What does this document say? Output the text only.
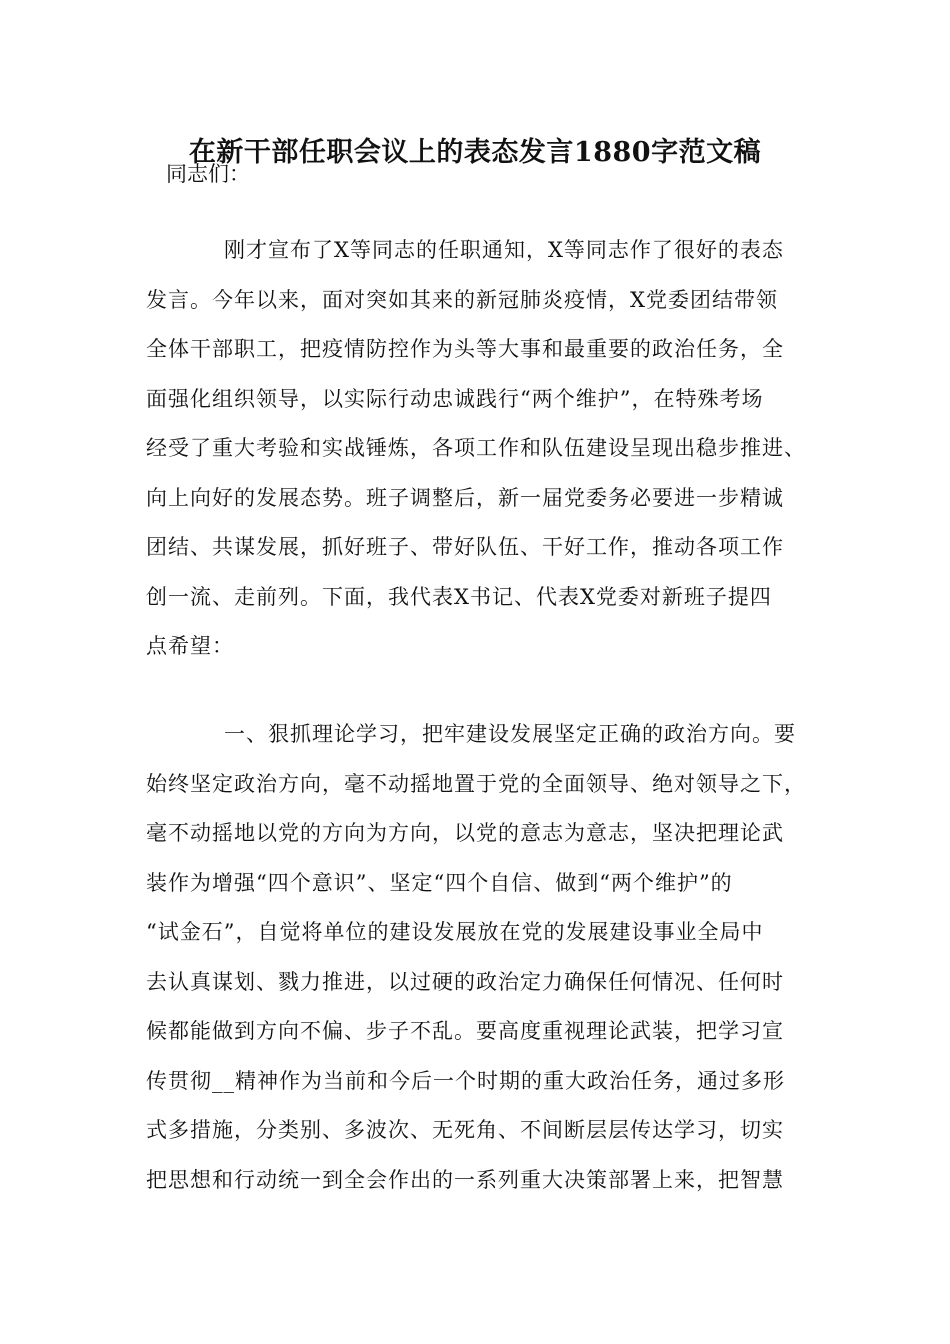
在新干部任职会议上的表态发言1880字范文稿
同志们：
刚才宣布了X等同志的任职通知，X等同志作了很好的表态
发言。今年以来，面对突如其来的新冠肺炎疫情，X党委团结带领
全体干部职工，把疫情防控作为头等大事和最重要的政治任务，全
面强化组织领导，以实际行动忠诚践行“两个维护”，在特殊考场
经受了重大考验和实战锤炼，各项工作和队伍建设呈现出稳步推进、
向上向好的发展态势。班子调整后，新一届党委务必要进一步精诚
团结、共谋发展，抓好班子、带好队伍、干好工作，推动各项工作
创一流、走前列。下面，我代表X书记、代表X党委对新班子提四
点希望：
一、狠抓理论学习，把牢建设发展坚定正确的政治方向。要
始终坚定政治方向，毫不动摇地置于党的全面领导、绝对领导之下，
毫不动摇地以党的方向为方向，以党的意志为意志，坚决把理论武
装作为增强“四个意识”、坚定“四个自信、做到“两个维护”的
“试金石”，自觉将单位的建设发展放在党的发展建设事业全局中
去认真谋划、戮力推进，以过硬的政治定力确保任何情况、任何时
候都能做到方向不偏、步子不乱。要高度重视理论武装，把学习宣
传贯彻__精神作为当前和今后一个时期的重大政治任务，通过多形
式多措施，分类别、多波次、无死角、不间断层层传达学习，切实
把思想和行动统一到全会作出的一系列重大决策部署上来，把智慧
